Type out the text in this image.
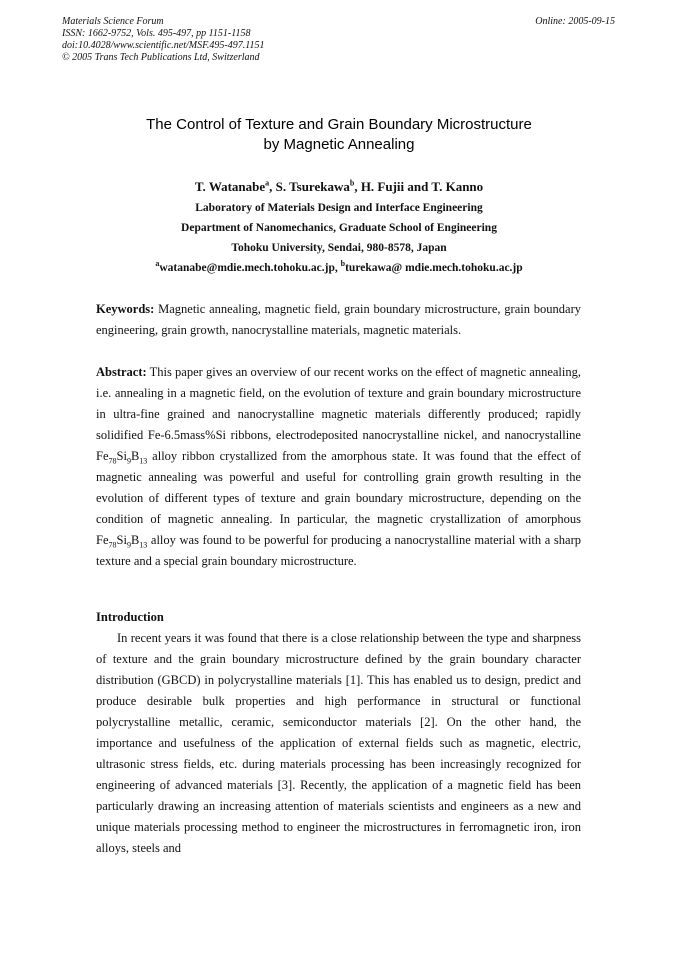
Materials Science Forum
ISSN: 1662-9752, Vols. 495-497, pp 1151-1158
doi:10.4028/www.scientific.net/MSF.495-497.1151
© 2005 Trans Tech Publications Ltd, Switzerland
Online: 2005-09-15
The Control of Texture and Grain Boundary Microstructure
by Magnetic Annealing
T. Watanabe$^a$, S. Tsurekawa$^b$, H. Fujii and T. Kanno
Laboratory of Materials Design and Interface Engineering
Department of Nanomechanics, Graduate School of Engineering
Tohoku University, Sendai, 980-8578, Japan
$^a$watanabe@mdie.mech.tohoku.ac.jp, $^b$turekawa@ mdie.mech.tohoku.ac.jp
Keywords: Magnetic annealing, magnetic field, grain boundary microstructure, grain boundary engineering, grain growth, nanocrystalline materials, magnetic materials.
Abstract: This paper gives an overview of our recent works on the effect of magnetic annealing, i.e. annealing in a magnetic field, on the evolution of texture and grain boundary microstructure in ultra-fine grained and nanocrystalline magnetic materials differently produced; rapidly solidified Fe-6.5mass%Si ribbons, electrodeposited nanocrystalline nickel, and nanocrystalline $Fe_{78}Si_9B_{13}$ alloy ribbon crystallized from the amorphous state. It was found that the effect of magnetic annealing was powerful and useful for controlling grain growth resulting in the evolution of different types of texture and grain boundary microstructure, depending on the condition of magnetic annealing. In particular, the magnetic crystallization of amorphous $Fe_{78}Si_9B_{13}$ alloy was found to be powerful for producing a nanocrystalline material with a sharp texture and a special grain boundary microstructure.
Introduction
In recent years it was found that there is a close relationship between the type and sharpness of texture and the grain boundary microstructure defined by the grain boundary character distribution (GBCD) in polycrystalline materials [1]. This has enabled us to design, predict and produce desirable bulk properties and high performance in structural or functional polycrystalline metallic, ceramic, semiconductor materials [2]. On the other hand, the importance and usefulness of the application of external fields such as magnetic, electric, ultrasonic stress fields, etc. during materials processing has been increasingly recognized for engineering of advanced materials [3]. Recently, the application of a magnetic field has been particularly drawing an increasing attention of materials scientists and engineers as a new and unique materials processing method to engineer the microstructures in ferromagnetic iron, iron alloys, steels and
